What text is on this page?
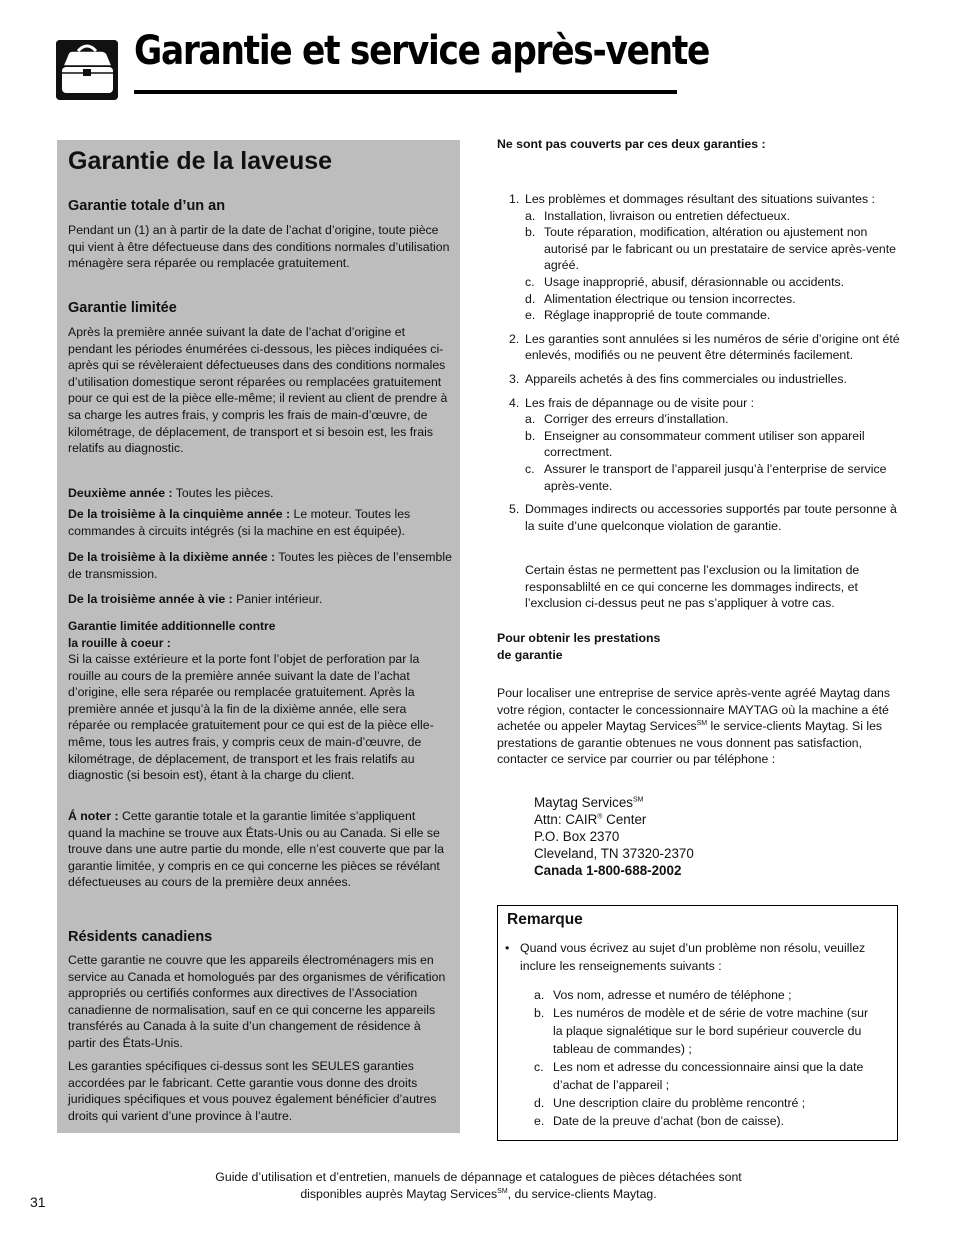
Garantie et service après-vente
Garantie de la laveuse
Garantie totale d’un an

Pendant un (1) an à partir de la date de l’achat d’origine, toute pièce qui vient à être défectueuse dans des conditions normales d’utilisation ménagère sera réparée ou remplacée gratuitement.

Garantie limitée

Après la première année suivant la date de l’achat d’origine et pendant les périodes énumérées ci-dessous, les pièces indiquées ci-après qui se révèleraient défectueuses dans des conditions normales d’utilisation domestique seront réparées ou remplacées gratuitement pour ce qui est de la pièce elle-même; il revient au client de prendre à sa charge les autres frais, y compris les frais de main-d’œuvre, de kilométrage, de déplacement, de transport et si besoin est, les frais relatifs au diagnostic.

Deuxième année : Toutes les pièces.

De la troisième à la cinquième année : Le moteur. Toutes les commandes à circuits intégrés (si la machine en est équipée).

De la troisième à la dixième année : Toutes les pièces de l’ensemble de transmission.

De la troisième année à vie : Panier intérieur.

Garantie limitée additionnelle contre
la rouille à coeur :

Si la caisse extérieure et la porte font l’objet de perforation par la rouille au cours de la première année suivant la date de l’achat d’origine, elle sera réparée ou remplacée gratuitement. Après la première année et jusqu’à la fin de la dixième année, elle sera réparée ou remplacée gratuitement pour ce qui est de la pièce elle-même, tous les autres frais, y compris ceux de main-d’œuvre, de kilométrage, de déplacement, de transport et les frais relatifs au diagnostic (si besoin est), étant à la charge du client.

Á noter : Cette garantie totale et la garantie limitée s’appliquent quand la machine se trouve aux États-Unis ou au Canada. Si elle se trouve dans une autre partie du monde, elle n’est couverte que par la garantie limitée, y compris en ce qui concerne les pièces se révélant défectueuses au cours de la première deux années.

Résidents canadiens

Cette garantie ne couvre que les appareils électroménagers mis en service au Canada et homologués par des organismes de vérification appropriés ou certifiés conformes aux directives de l’Association canadienne de normalisation, sauf en ce qui concerne les appareils transférés au Canada à la suite d’un changement de résidence à partir des États-Unis.

Les garanties spécifiques ci-dessus sont les SEULES garanties accordées par le fabricant. Cette garantie vous donne des droits juridiques spécifiques et vous pouvez également bénéficier d’autres droits qui varient d’une province à l’autre.

Ne sont pas couverts par ces deux garanties :
1. Les problèmes et dommages résultant des situations suivantes :
a. Installation, livraison ou entretien défectueux.
b. Toute réparation, modification, altération ou ajustement non autorisé par le fabricant ou un prestataire de service après-vente agréé.
c. Usage inapproprié, abusif, dérasionnable ou accidents.
d. Alimentation électrique ou tension incorrectes.
e. Réglage inapproprié de toute commande.
2. Les garanties sont annulées si les numéros de série d’origine ont été enlevés, modifiés ou ne peuvent être déterminés facilement.
3. Appareils achetés à des fins commerciales ou industrielles.
4. Les frais de dépannage ou de visite pour :
a. Corriger des erreurs d’installation.
b. Enseigner au consommateur comment utiliser son appareil correctment.
c. Assurer le transport de l’appareil jusqu’à l’enterprise de service après-vente.
5. Dommages indirects ou accessories supportés par toute personne à la suite d’une quelconque violation de garantie.

Certain éstas ne permettent pas l’exclusion ou la limitation de responsablilté en ce qui concerne les dommages indirects, et l’exclusion ci-dessus peut ne pas s’appliquer à votre cas.

Pour obtenir les prestations
de garantie

Pour localiser une entreprise de service après-vente agréé Maytag dans votre région, contacter le concessionnaire MAYTAG où la machine a été achetée ou appeler Maytag Services℠ le service-clients Maytag. Si les prestations de garantie obtenues ne vous donnent pas satisfaction, contacter ce service par courrier ou par téléphone :

Maytag Services℠
Attn: CAIR® Center
P.O. Box 2370
Cleveland, TN 37320-2370
Canada 1-800-688-2002
Remarque
• Quand vous écrivez au sujet d’un problème non résolu, veuillez inclure les renseignements suivants :
a. Vos nom, adresse et numéro de téléphone ;
b. Les numéros de modèle et de série de votre machine (sur la plaque signalétique sur le bord supérieur couvercle du tableau de commandes) ;
c. Les nom et adresse du concessionnaire ainsi que la date d’achat de l’appareil ;
d. Une description claire du problème rencontré ;
e. Date de la preuve d’achat (bon de caisse).
Guide d’utilisation et d’entretien, manuels de dépannage et catalogues de pièces détachées sont
disponibles auprès Maytag Services℠, du service-clients Maytag.
31
